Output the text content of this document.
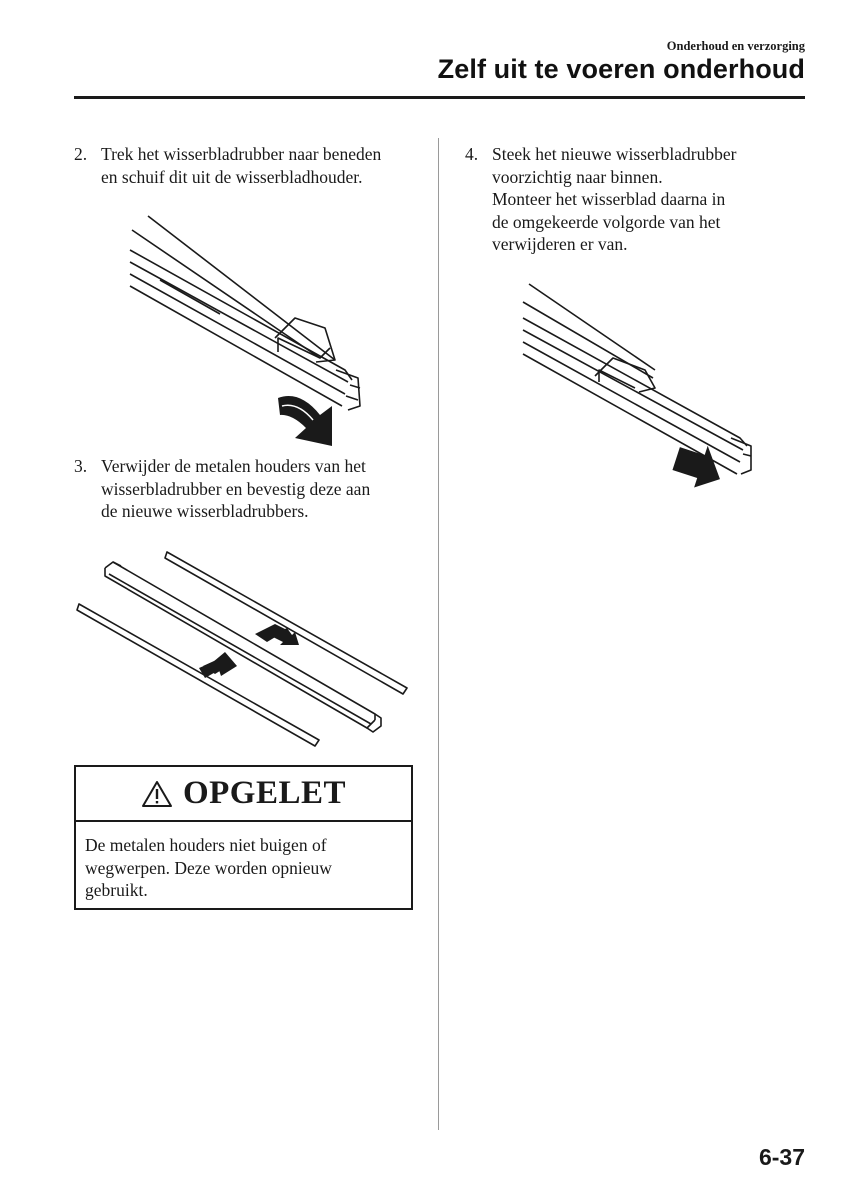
Onderhoud en verzorging
Zelf uit te voeren onderhoud
2. Trek het wisserbladrubber naar beneden
en schuif dit uit de wisserbladhouder.
3. Verwijder de metalen houders van het
wisserbladrubber en bevestig deze aan
de nieuwe wisserbladrubbers.
OPGELET
De metalen houders niet buigen of
wegwerpen. Deze worden opnieuw
gebruikt.
4. Steek het nieuwe wisserbladrubber
voorzichtig naar binnen.
Monteer het wisserblad daarna in
de omgekeerde volgorde van het
verwijderen er van.
6-37
